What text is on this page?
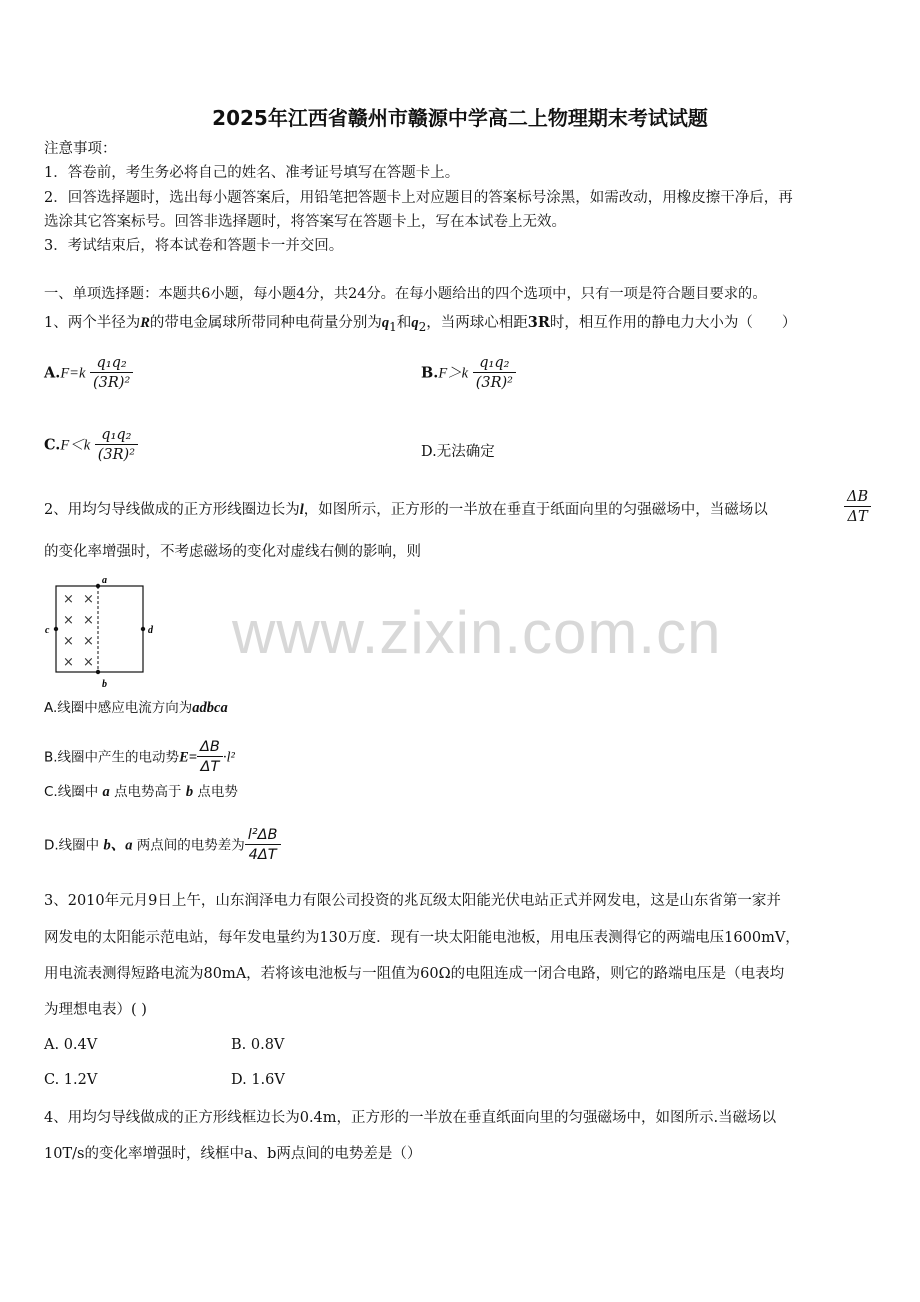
2025年江西省赣州市赣源中学高二上物理期末考试试题
注意事项：
1．答卷前，考生务必将自己的姓名、准考证号填写在答题卡上。
2．回答选择题时，选出每小题答案后，用铅笔把答题卡上对应题目的答案标号涂黑，如需改动，用橡皮擦干净后，再
选涂其它答案标号。回答非选择题时，将答案写在答题卡上，写在本试卷上无效。
3．考试结束后，将本试卷和答题卡一并交回。
一、单项选择题：本题共6小题，每小题4分，共24分。在每小题给出的四个选项中，只有一项是符合题目要求的。
1、两个半径为R的带电金属球所带同种电荷量分别为$q_1$和$q_2$，当两球心相距3R时，相互作用的静电力大小为（　　）
$A.F=k \frac{\text{q₁q₂}}{\text{(3R)²}}$	$B.F>k \frac{\text{q₁q₂}}{\text{(3R)²}}$
$C.F<k \frac{\text{q₁q₂}}{\text{(3R)²}}$	D.无法确定
2、用均匀导线做成的正方形线圈边长为l，如图所示，正方形的一半放在垂直于纸面向里的匀强磁场中，当磁场以	$\frac{\Delta B}{\Delta T}$
的变化率增强时，不考虑磁场的变化对虚线右侧的影响，则
a
b
c	d
× ×
× ×
× ×
× × www.zixin.com.cn
A.线圈中感应电流方向为adbca
B.线圈中产生的电动势$E= \frac{\Delta B}{\Delta T} \cdot l^2$
C.线圈中 a 点电势高于 b 点电势
D.线圈中 b、a 两点间的电势差为 $\frac{\text{l²ΔB}}{4\Delta T}$
3、2010年元月9日上午，山东润泽电力有限公司投资的兆瓦级太阳能光伏电站正式并网发电，这是山东省第一家并
网发电的太阳能示范电站，每年发电量约为130万度．现有一块太阳能电池板，用电压表测得它的两端电压1600mV，
用电流表测得短路电流为80mA，若将该电池板与一阻值为60Ω的电阻连成一闭合电路，则它的路端电压是（电表均
为理想电表）( )
A. 0.4V	B. 0.8V
C. 1.2V	D. 1.6V
4、用均匀导线做成的正方形线框边长为0.4m，正方形的一半放在垂直纸面向里的匀强磁场中，如图所示.当磁场以
10T/s的变化率增强时，线框中a、b两点间的电势差是（）
